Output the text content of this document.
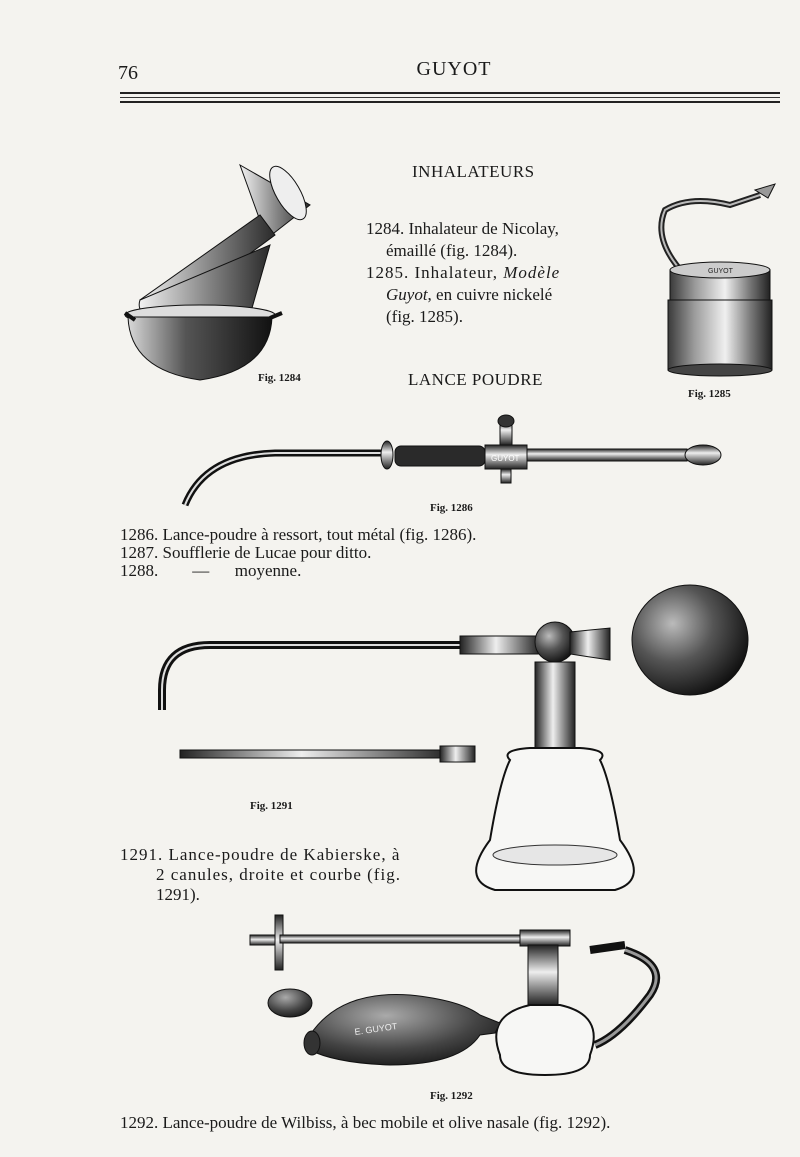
76	GUYOT
INHALATEURS
1284. Inhalateur de Nicolay,
émaillé (fig. 1284).
1285. Inhalateur, Modèle
Guyot, en cuivre nickelé
(fig. 1285).
Fig. 1284
GUYOT
Fig. 1285
LANCE POUDRE
GUYOT
Fig. 1286
1286. Lance-poudre à ressort, tout métal (fig. 1286).
1287. Soufflerie de Lucae pour ditto.
1288.        —      moyenne.
Fig. 1291
1291. Lance-poudre de Kabierske, à
2 canules, droite et courbe (fig.
1291).
E. GUYOT
Fig. 1292
1292. Lance-poudre de Wilbiss, à bec mobile et olive nasale (fig. 1292).
